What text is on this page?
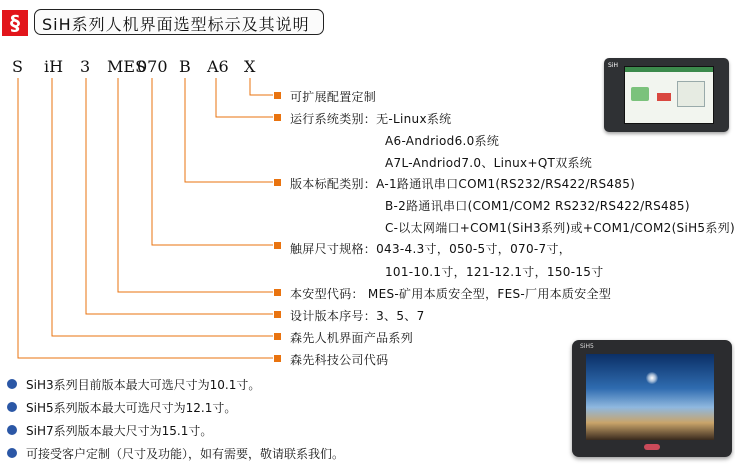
§	SiH系列人机界面选型标示及其说明
S iH 3 MES
070 B A6 X
可扩展配置定制
运行系统类别：无-Linux系统
A6-Andriod6.0系统
A7L-Andriod7.0、Linux+QT双系统
版本标配类别：A-1路通讯串口COM1(RS232/RS422/RS485)
B-2路通讯串口(COM1/COM2 RS232/RS422/RS485)
C-以太网端口+COM1(SiH3系列)或+COM1/COM2(SiH5系列)
触屏尺寸规格：043-4.3寸，050-5寸，070-7寸，
101-10.1寸，121-12.1寸，150-15寸
本安型代码： MES-矿用本质安全型，FES-厂用本质安全型
设计版本序号：3、5、7
森先人机界面产品系列
森先科技公司代码
SiH3系列目前版本最大可选尺寸为10.1寸。
SiH5系列版本最大可选尺寸为12.1寸。
SiH7系列版本最大尺寸为15.1寸。
可接受客户定制（尺寸及功能），如有需要，敬请联系我们。
SiH
SiH5
